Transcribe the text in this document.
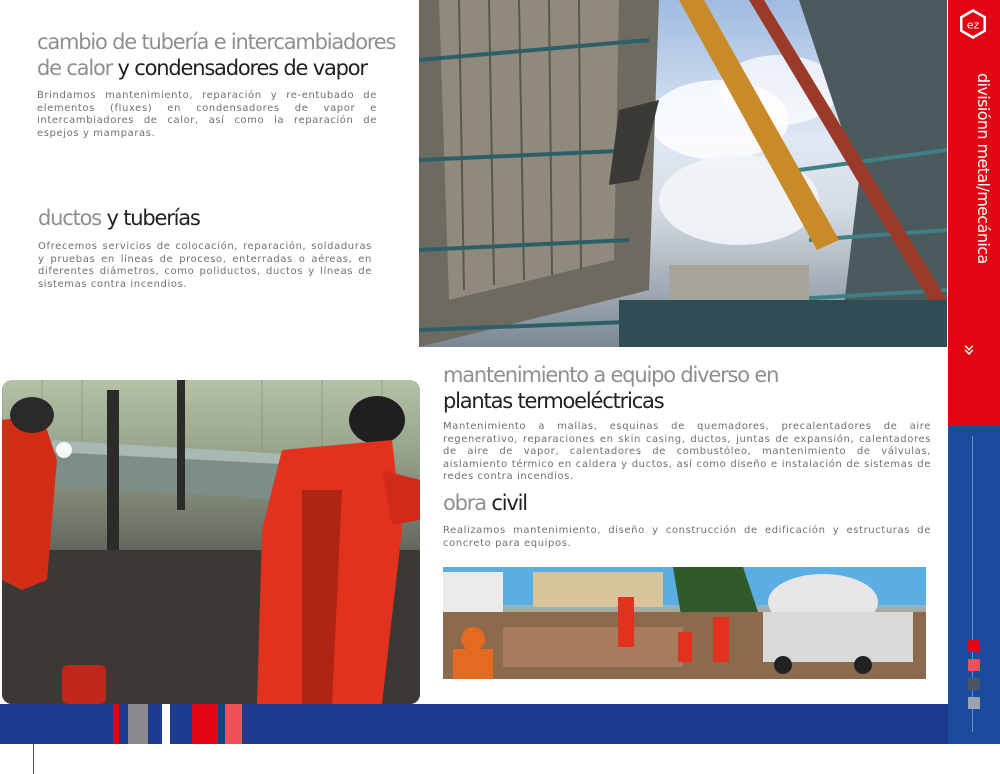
cambio de tubería e intercambiadores de calor y condensadores de vapor

Brindamos mantenimiento, reparación y re-entubado de elementos (fluxes) en condensadores de vapor e intercambiadores de calor, así como la reparación de espejos y mamparas.

ductos y tuberías

Ofrecemos servicios de colocación, reparación, soldaduras y pruebas en líneas de proceso, enterradas o aéreas, en diferentes diámetros, como poliductos, ductos y líneas de sistemas contra incendios.

mantenimiento a equipo diverso en
plantas termoeléctricas

Mantenimiento a mallas, esquinas de quemadores, precalentadores de aire regenerativo, reparaciones en skin casing, ductos, juntas de expansión, calentadores de aire de vapor, calentadores de combustóleo, mantenimiento de válvulas, aislamiento térmico en caldera y ductos, así como diseño e instalación de sistemas de redes contra incendios.

obra civil

Realizamos mantenimiento, diseño y construcción de edificación y estructuras de concreto para equipos.

ez
divisiónn metal/mecánica
»
